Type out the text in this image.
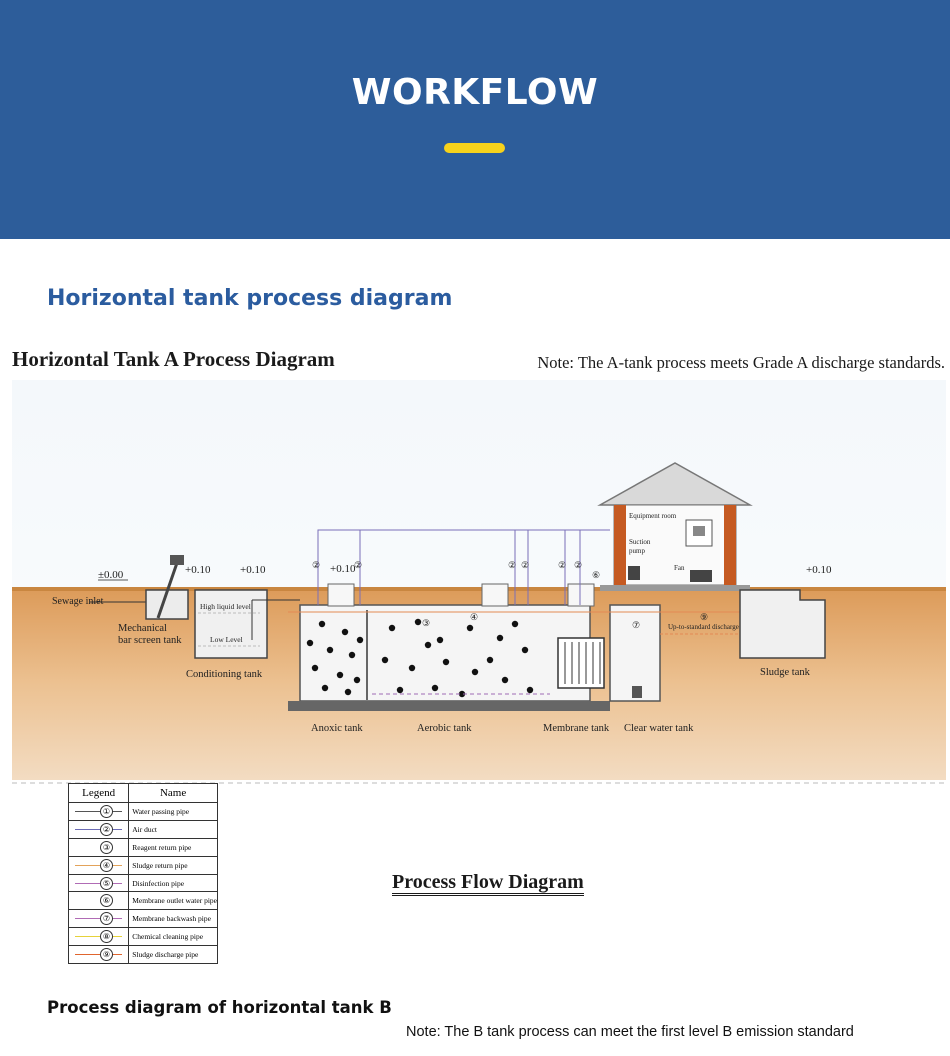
WORKFLOW
Horizontal tank process diagram
Horizontal Tank A Process Diagram	Note: The A-tank process meets Grade A discharge standards.
Sewage inlet
±0.00
Mechanical
bar screen tank
+0.10
High liquid level
Low Level
Conditioning tank
+0.10	②	②	② ②	② ②
⑥
③
④
⑦
⑨
+0.10
Up-to-standard discharge
Equipment room
Suction
pump
Fan	+0.10
Sludge tank
Anoxic tank	Aerobic tank	Membrane tank Clear water tank
Legend	Name

①	Water passing pipe

②	Air duct

③	Reagent return pipe

④	Sludge return pipe

⑤	Disinfection pipe

⑥	Membrane outlet water pipe

⑦	Membrane backwash pipe

⑧	Chemical cleaning pipe

⑨	Sludge discharge pipe
Process Flow Diagram
Process diagram of horizontal tank B
Note: The B tank process can meet the first level B emission standard
